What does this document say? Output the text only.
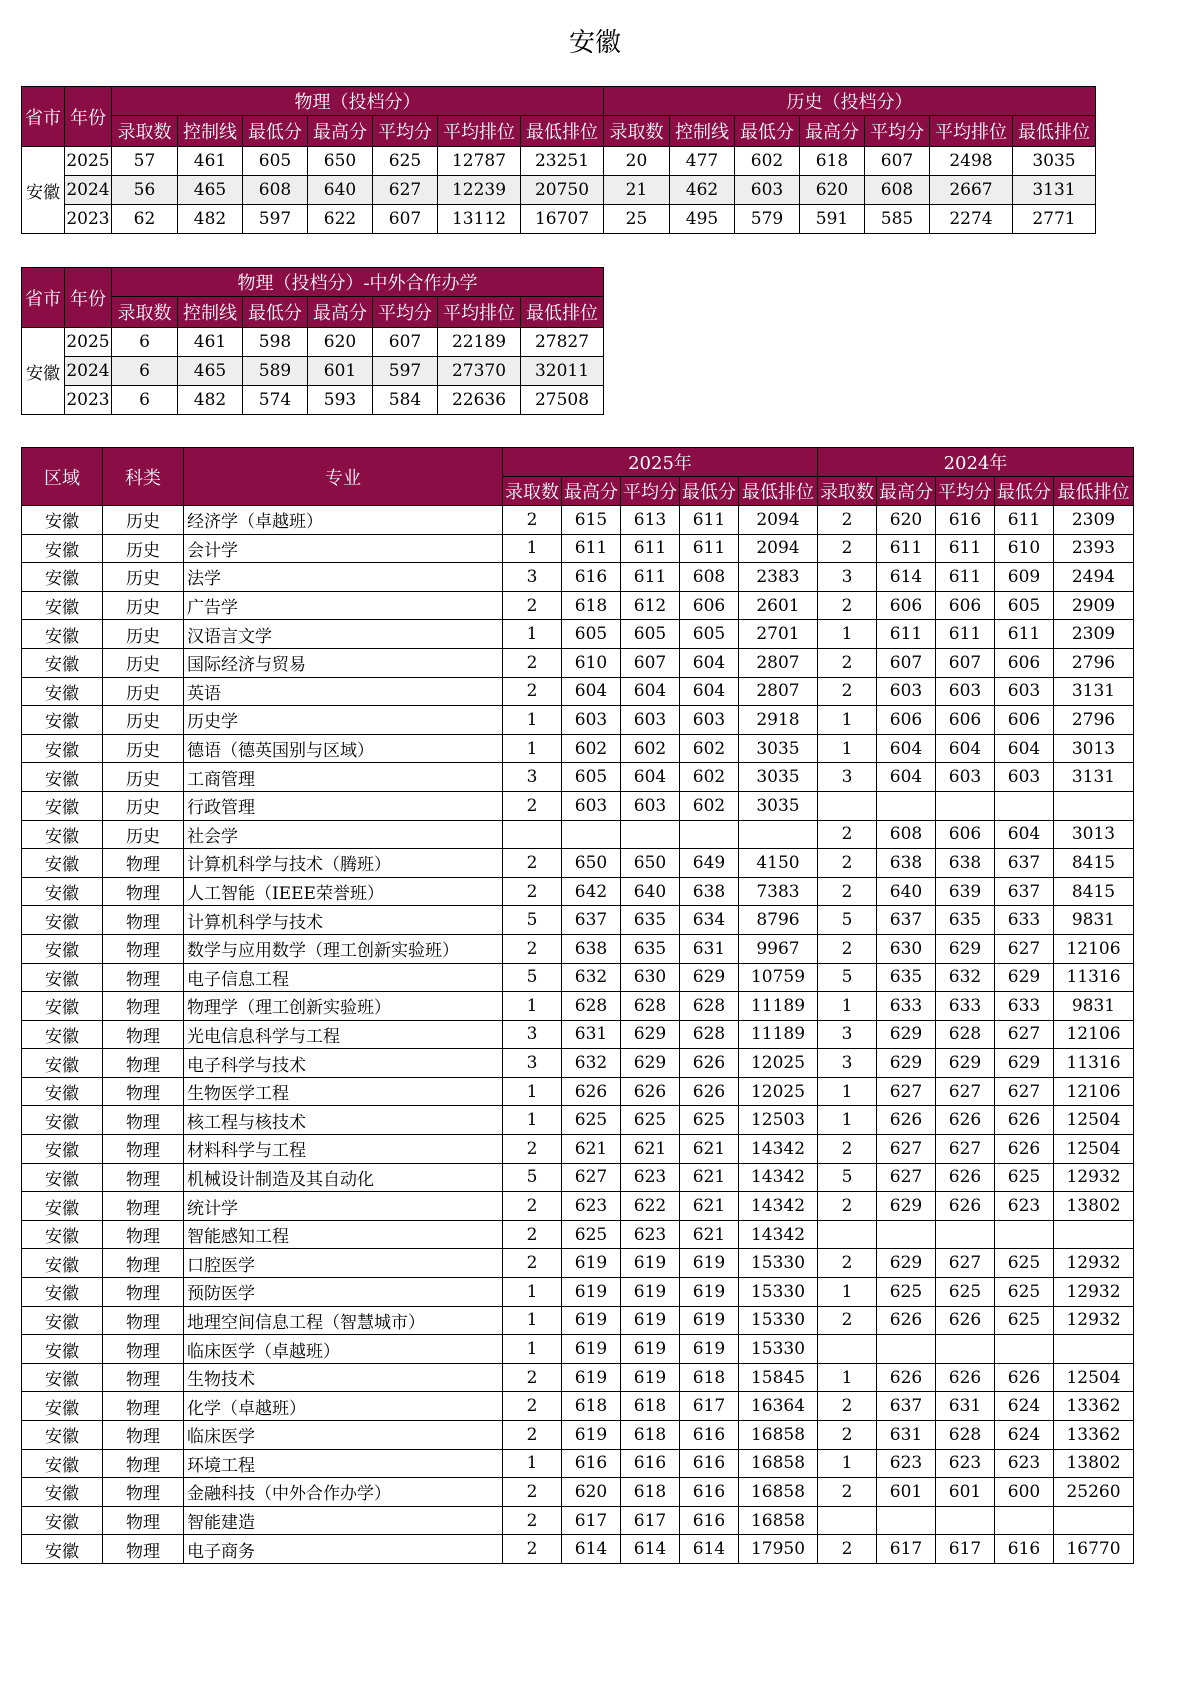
安徽
省市	年份	物理（投档分）							历史（投档分）						
		录取数	控制线	最低分	最高分	平均分	平均排位	最低排位	录取数	控制线	最低分	最高分	平均分	平均排位	最低排位
安徽	2025	57	461	605	650	625	12787	23251	20	477	602	618	607	2498	3035
	2024	56	465	608	640	627	12239	20750	21	462	603	620	608	2667	3131
	2023	62	482	597	622	607	13112	16707	25	495	579	591	585	2274	2771
省市	年份	物理（投档分）-中外合作办学						
		录取数	控制线	最低分	最高分	平均分	平均排位	最低排位
安徽	2025	6	461	598	620	607	22189	27827
	2024	6	465	589	601	597	27370	32011
	2023	6	482	574	593	584	22636	27508
区域	科类	专业	2025年					2024年				
			录取数	最高分	平均分	最低分	最低排位	录取数	最高分	平均分	最低分	最低排位
安徽	历史	经济学（卓越班）	2	615	613	611	2094	2	620	616	611	2309
安徽	历史	会计学	1	611	611	611	2094	2	611	611	610	2393
安徽	历史	法学	3	616	611	608	2383	3	614	611	609	2494
安徽	历史	广告学	2	618	612	606	2601	2	606	606	605	2909
安徽	历史	汉语言文学	1	605	605	605	2701	1	611	611	611	2309
安徽	历史	国际经济与贸易	2	610	607	604	2807	2	607	607	606	2796
安徽	历史	英语	2	604	604	604	2807	2	603	603	603	3131
安徽	历史	历史学	1	603	603	603	2918	1	606	606	606	2796
安徽	历史	德语（德英国别与区域）	1	602	602	602	3035	1	604	604	604	3013
安徽	历史	工商管理	3	605	604	602	3035	3	604	603	603	3131
安徽	历史	行政管理	2	603	603	602	3035					
安徽	历史	社会学						2	608	606	604	3013
安徽	物理	计算机科学与技术（腾班）	2	650	650	649	4150	2	638	638	637	8415
安徽	物理	人工智能（IEEE荣誉班）	2	642	640	638	7383	2	640	639	637	8415
安徽	物理	计算机科学与技术	5	637	635	634	8796	5	637	635	633	9831
安徽	物理	数学与应用数学（理工创新实验班）	2	638	635	631	9967	2	630	629	627	12106
安徽	物理	电子信息工程	5	632	630	629	10759	5	635	632	629	11316
安徽	物理	物理学（理工创新实验班）	1	628	628	628	11189	1	633	633	633	9831
安徽	物理	光电信息科学与工程	3	631	629	628	11189	3	629	628	627	12106
安徽	物理	电子科学与技术	3	632	629	626	12025	3	629	629	629	11316
安徽	物理	生物医学工程	1	626	626	626	12025	1	627	627	627	12106
安徽	物理	核工程与核技术	1	625	625	625	12503	1	626	626	626	12504
安徽	物理	材料科学与工程	2	621	621	621	14342	2	627	627	626	12504
安徽	物理	机械设计制造及其自动化	5	627	623	621	14342	5	627	626	625	12932
安徽	物理	统计学	2	623	622	621	14342	2	629	626	623	13802
安徽	物理	智能感知工程	2	625	623	621	14342					
安徽	物理	口腔医学	2	619	619	619	15330	2	629	627	625	12932
安徽	物理	预防医学	1	619	619	619	15330	1	625	625	625	12932
安徽	物理	地理空间信息工程（智慧城市）	1	619	619	619	15330	2	626	626	625	12932
安徽	物理	临床医学（卓越班）	1	619	619	619	15330					
安徽	物理	生物技术	2	619	619	618	15845	1	626	626	626	12504
安徽	物理	化学（卓越班）	2	618	618	617	16364	2	637	631	624	13362
安徽	物理	临床医学	2	619	618	616	16858	2	631	628	624	13362
安徽	物理	环境工程	1	616	616	616	16858	1	623	623	623	13802
安徽	物理	金融科技（中外合作办学）	2	620	618	616	16858	2	601	601	600	25260
安徽	物理	智能建造	2	617	617	616	16858					
安徽	物理	电子商务	2	614	614	614	17950	2	617	617	616	16770
